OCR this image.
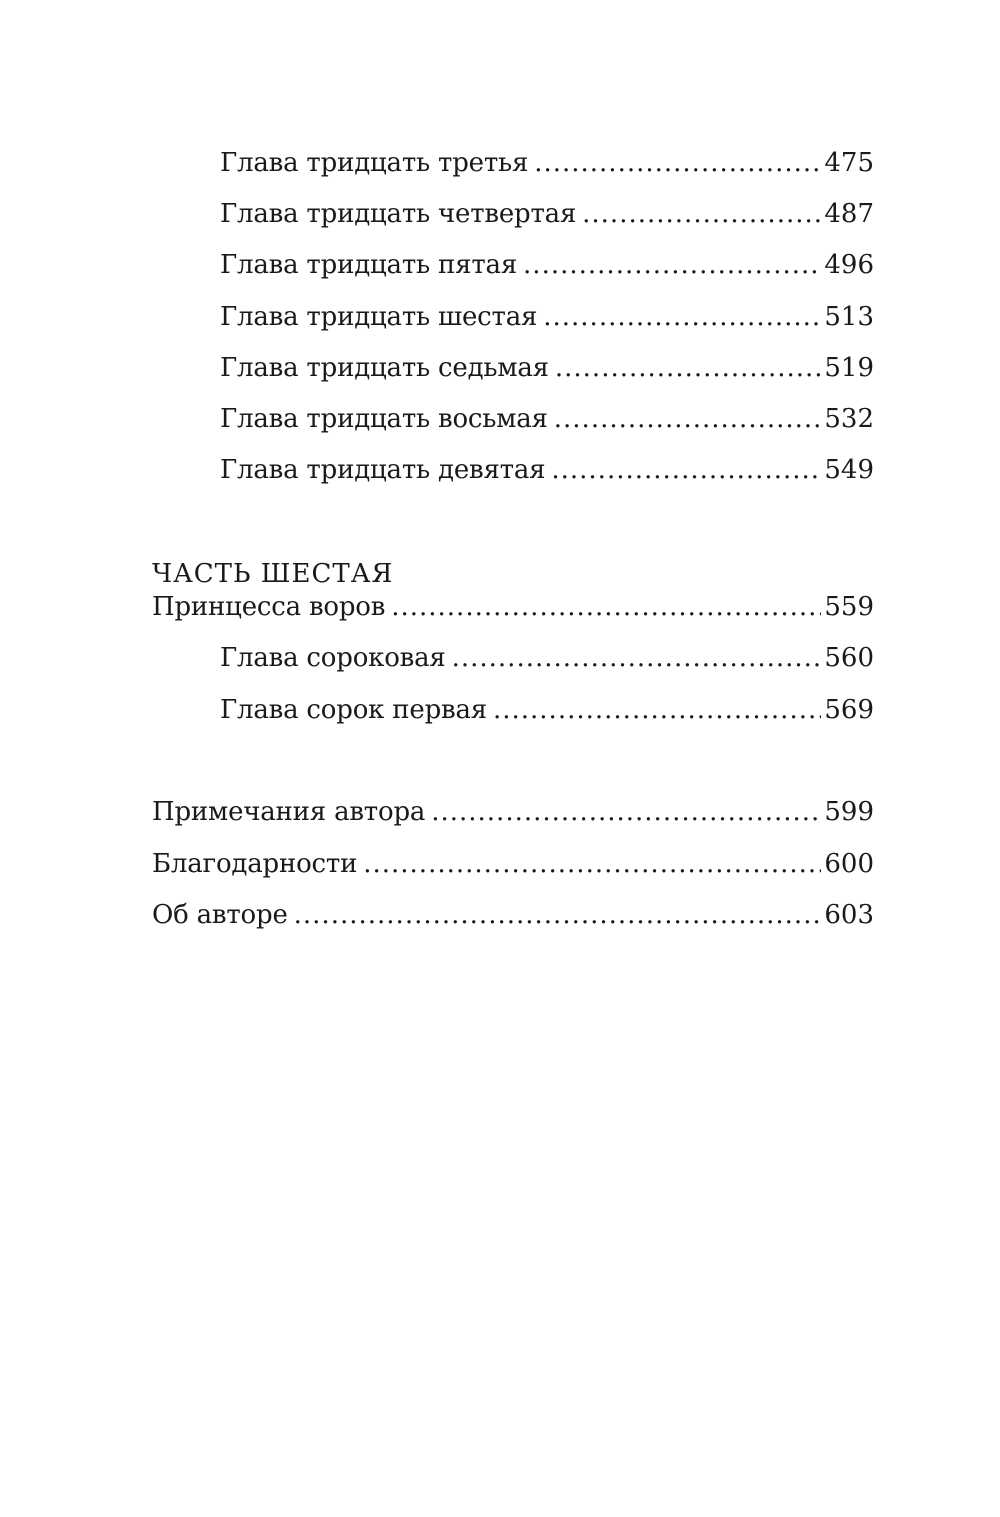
Глава тридцать третья .....	475
Глава тридцать четвертая .....	487
Глава тридцать пятая .....	496
Глава тридцать шестая .....	513
Глава тридцать седьмая .....	519
Глава тридцать восьмая .....	532
Глава тридцать девятая .....	549
ЧАСТЬ ШЕСТАЯ
Принцесса воров .....	559
Глава сороковая .....	560
Глава сорок первая .....	569
Примечания автора .....	599
Благодарности .....	600
Об авторе .....	603
